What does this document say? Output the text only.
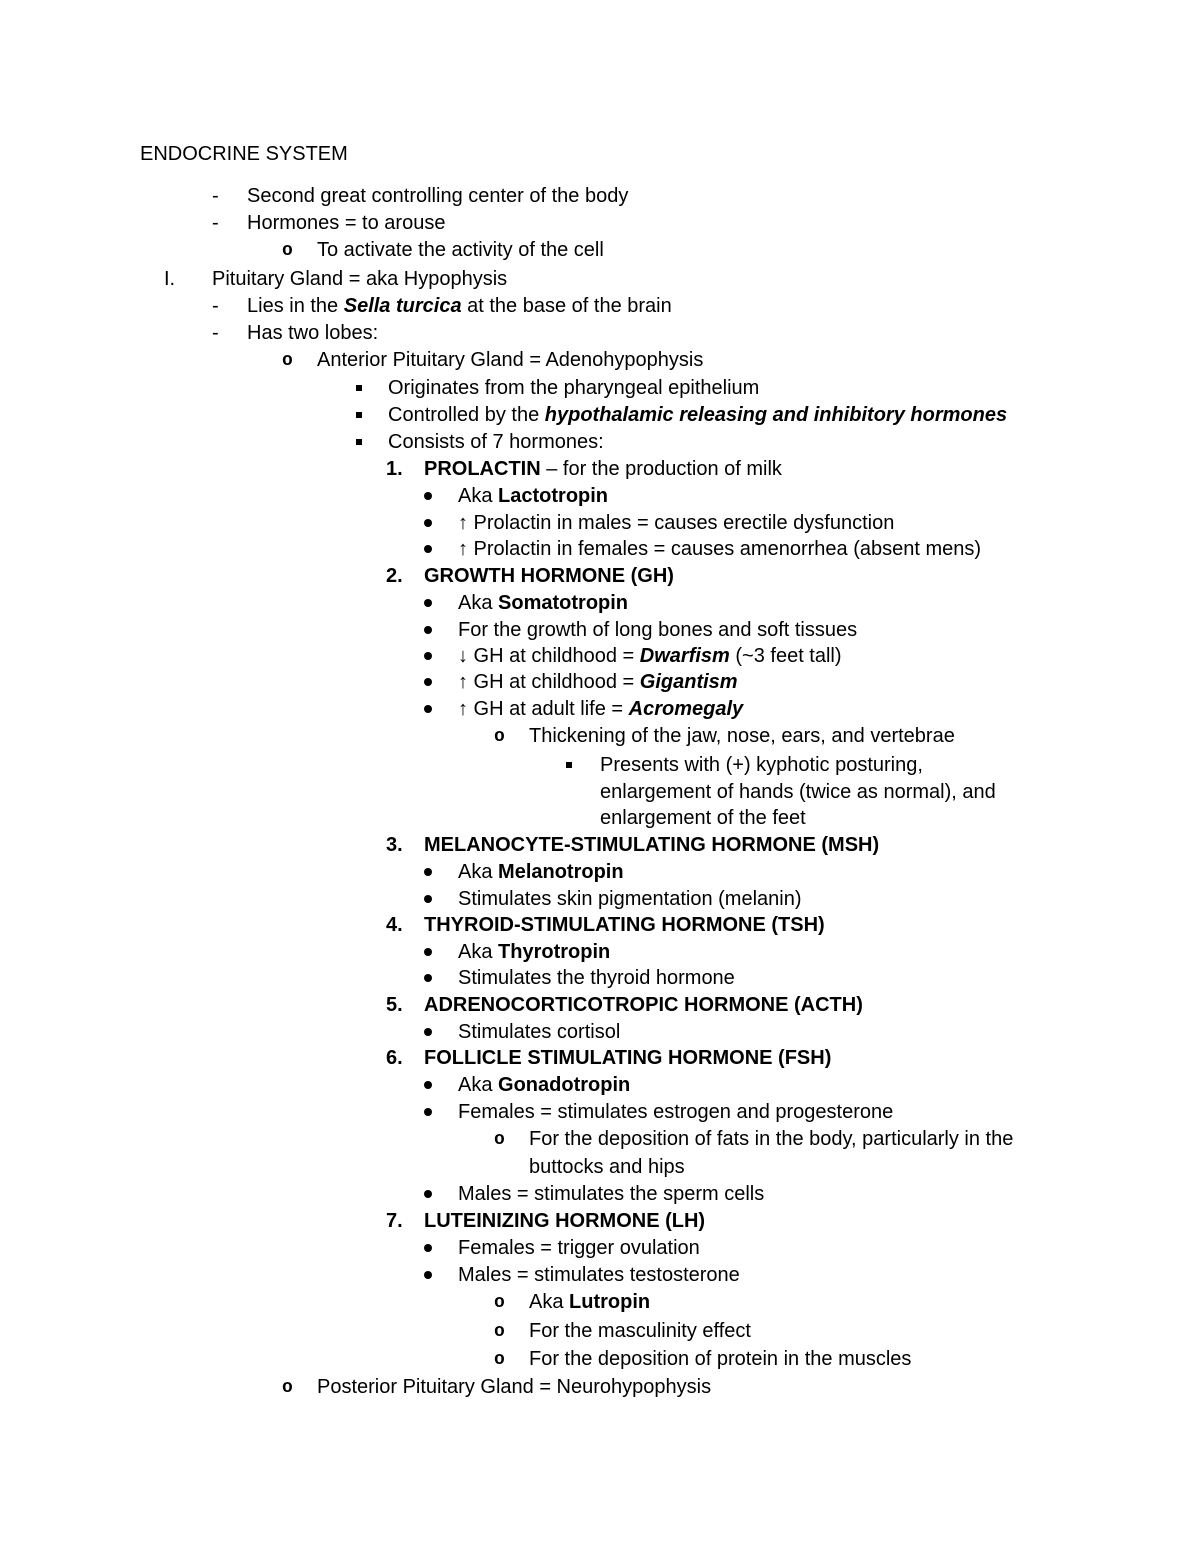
ENDOCRINE SYSTEM
- Second great controlling center of the body
- Hormones = to arouse
o To activate the activity of the cell
I. Pituitary Gland = aka Hypophysis
- Lies in the Sella turcica at the base of the brain
- Has two lobes:
o Anterior Pituitary Gland = Adenohypophysis
Originates from the pharyngeal epithelium
Controlled by the hypothalamic releasing and inhibitory hormones
Consists of 7 hormones:
1. PROLACTIN – for the production of milk
Aka Lactotropin
↑ Prolactin in males = causes erectile dysfunction
↑ Prolactin in females = causes amenorrhea (absent mens)
2. GROWTH HORMONE (GH)
Aka Somatotropin
For the growth of long bones and soft tissues
↓ GH at childhood = Dwarfism (~3 feet tall)
↑ GH at childhood = Gigantism
↑ GH at adult life = Acromegaly
o Thickening of the jaw, nose, ears, and vertebrae
Presents with (+) kyphotic posturing,
enlargement of hands (twice as normal), and
enlargement of the feet
3. MELANOCYTE-STIMULATING HORMONE (MSH)
Aka Melanotropin
Stimulates skin pigmentation (melanin)
4. THYROID-STIMULATING HORMONE (TSH)
Aka Thyrotropin
Stimulates the thyroid hormone
5. ADRENOCORTICOTROPIC HORMONE (ACTH)
Stimulates cortisol
6. FOLLICLE STIMULATING HORMONE (FSH)
Aka Gonadotropin
Females = stimulates estrogen and progesterone
o For the deposition of fats in the body, particularly in the
buttocks and hips
Males = stimulates the sperm cells
7. LUTEINIZING HORMONE (LH)
Females = trigger ovulation
Males = stimulates testosterone
o Aka Lutropin
o For the masculinity effect
o For the deposition of protein in the muscles
o Posterior Pituitary Gland = Neurohypophysis
